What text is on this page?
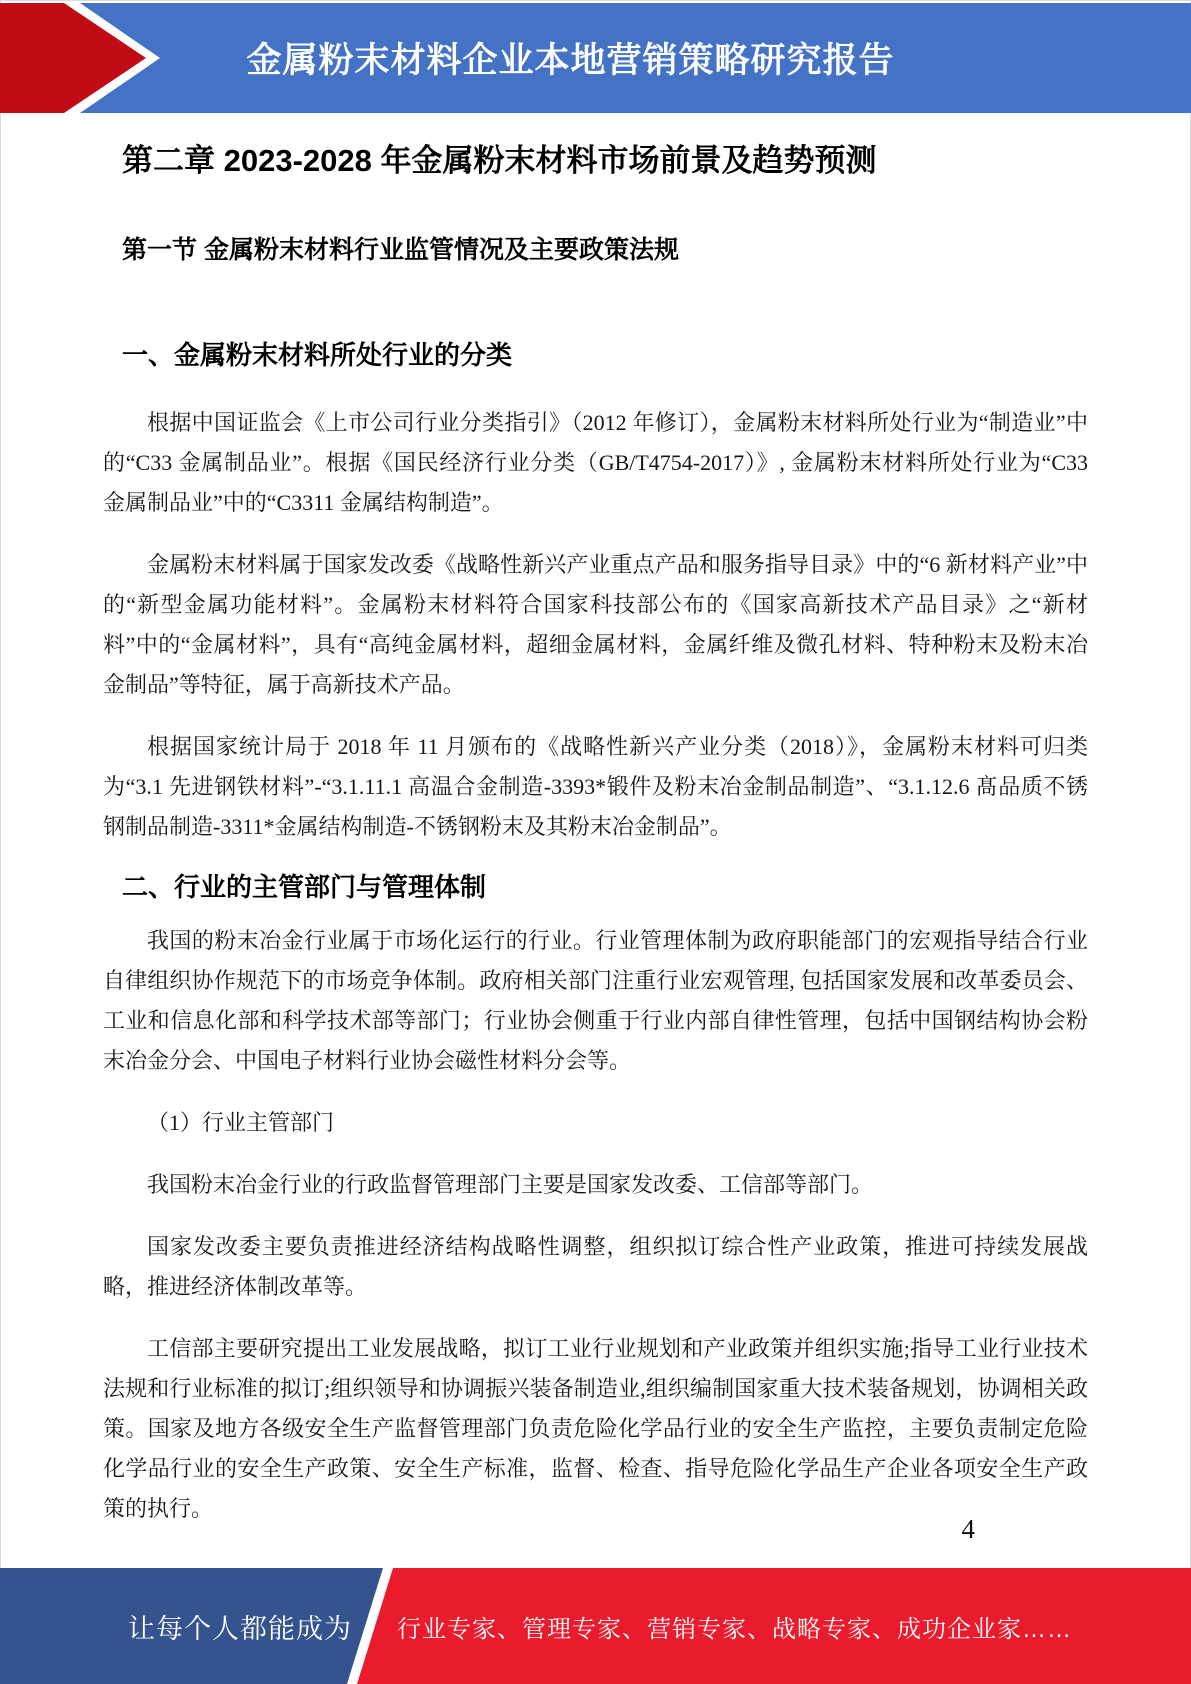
金属粉末材料企业本地营销策略研究报告
第二章 2023-2028 年金属粉末材料市场前景及趋势预测
第一节 金属粉末材料行业监管情况及主要政策法规
一、金属粉末材料所处行业的分类

根据中国证监会《上市公司行业分类指引》（2012 年修订），金属粉末材料所处行业为“制造业”中的“C33 金属制品业”。根据《国民经济行业分类（GB/T4754-2017）》, 金属粉末材料所处行业为“C33 金属制品业”中的“C3311 金属结构制造”。

金属粉末材料属于国家发改委《战略性新兴产业重点产品和服务指导目录》中的“6 新材料产业”中的“新型金属功能材料”。金属粉末材料符合国家科技部公布的《国家高新技术产品目录》之“新材料”中的“金属材料”，具有“高纯金属材料，超细金属材料，金属纤维及微孔材料、特种粉末及粉末冶金制品”等特征，属于高新技术产品。

根据国家统计局于 2018 年 11 月颁布的《战略性新兴产业分类（2018）》，金属粉末材料可归类为“3.1 先进钢铁材料”-“3.1.11.1 高温合金制造-3393*锻件及粉末冶金制品制造”、“3.1.12.6 髙品质不锈钢制品制造-3311*金属结构制造-不锈钢粉末及其粉末冶金制品”。

二、行业的主管部门与管理体制

我国的粉末冶金行业属于市场化运行的行业。行业管理体制为政府职能部门的宏观指导结合行业自律组织协作规范下的市场竞争体制。政府相关部门注重行业宏观管理, 包括国家发展和改革委员会、工业和信息化部和科学技术部等部门；行业协会侧重于行业内部自律性管理，包括中国钢结构协会粉末冶金分会、中国电子材料行业协会磁性材料分会等。

（1）行业主管部门

我国粉末冶金行业的行政监督管理部门主要是国家发改委、工信部等部门。

国家发改委主要负责推进经济结构战略性调整，组织拟订综合性产业政策，推进可持续发展战略，推进经济体制改革等。

工信部主要研究提出工业发展战略，拟订工业行业规划和产业政策并组织实施;指导工业行业技术法规和行业标准的拟订;组织领导和协调振兴装备制造业,组织编制国家重大技术装备规划，协调相关政策。国家及地方各级安全生产监督管理部门负责危险化学品行业的安全生产监控，主要负责制定危险化学品行业的安全生产政策、安全生产标准，监督、检查、指导危险化学品生产企业各项安全生产政策的执行。

4
让每个人都能成为 行业专家、管理专家、营销专家、战略专家、成功企业家……
